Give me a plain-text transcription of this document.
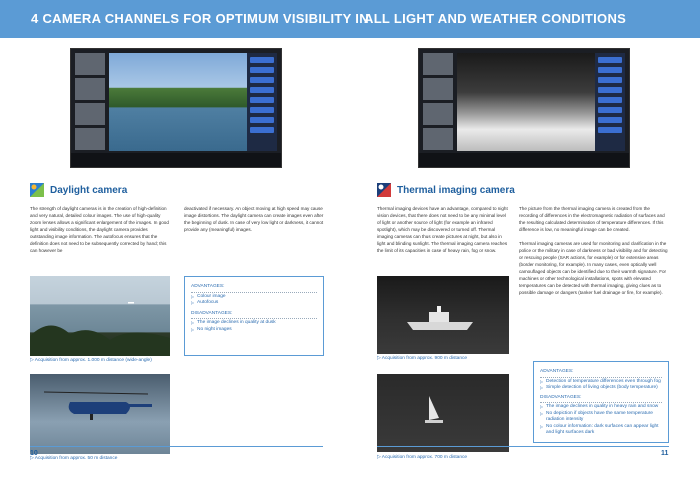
4 CAMERA CHANNELS FOR OPTIMUM VISIBILITY IN
ALL LIGHT AND WEATHER CONDITIONS
Daylight camera	Thermal imaging camera

The strength of daylight cameras is in the creation of high-definition and very natural, detailed colour images. The use of high-quality zoom lenses allows a significant enlargement of the images. In good light and visibility conditions, the daylight camera provides outstanding image information. The autofocus ensures that the definition does not need to be subsequently corrected by hand; this can however be

deactivated if necessary. An object moving at high speed may cause image distortions. The daylight camera can create images even after the beginning of dusk. In case of very low light or darkness, it cannot provide any (meaningful) images.

Thermal imaging devices have an advantage, compared to night vision devices, that there does not need to be any minimal level of light or another source of light (for example an infrared spotlight), which may be discovered or turned off. Thermal imaging cameras can thus create pictures at night, but also in light and blinding sunlight. The thermal imaging camera reaches the limit of its capacities in case of heavy rain, fog or snow.

The picture from the thermal imaging camera is created from the recording of differences in the electromagnetic radiation of surfaces and the resulting calculated determination of temperature differences. If this difference is low, no meaningful image can be created.

Thermal imaging cameras are used for monitoring and clarification in the police or the military in case of darkness or bad visibility and for detecting or rescuing people (SAR actions, for example) or for extensive areas (border monitoring, for example). In many cases, even optically well camouflaged objects can be identified due to their warmth signature. For machines or other technological installations, spots with elevated temperatures can be detected with thermal imaging, giving clues as to possible damage or dangers (tanker fuel drainage or fire, for example).

▷ Acquisition from approx. 1.000 m distance (wide-angle)
▷ Acquisition from approx. 50 m distance
ADVANTAGES:
▷ Colour image
▷ Autofocus
DISADVANTAGES:
▷ The image declines in quality at dusk
▷ No night images
▷ Acquisition from approx. 900 m distance
▷ Acquisition from approx. 700 m distance
ADVANTAGES:
▷ Detection of temperature differences even through fog
▷ Simple detection of living objects (body temperature)
DISADVANTAGES:
▷ The image declines in quality in heavy rain and snow
▷ No depiction if objects have the same temperature radiation intensity
▷ No colour information: dark surfaces can appear light and light surfaces dark
10	11
